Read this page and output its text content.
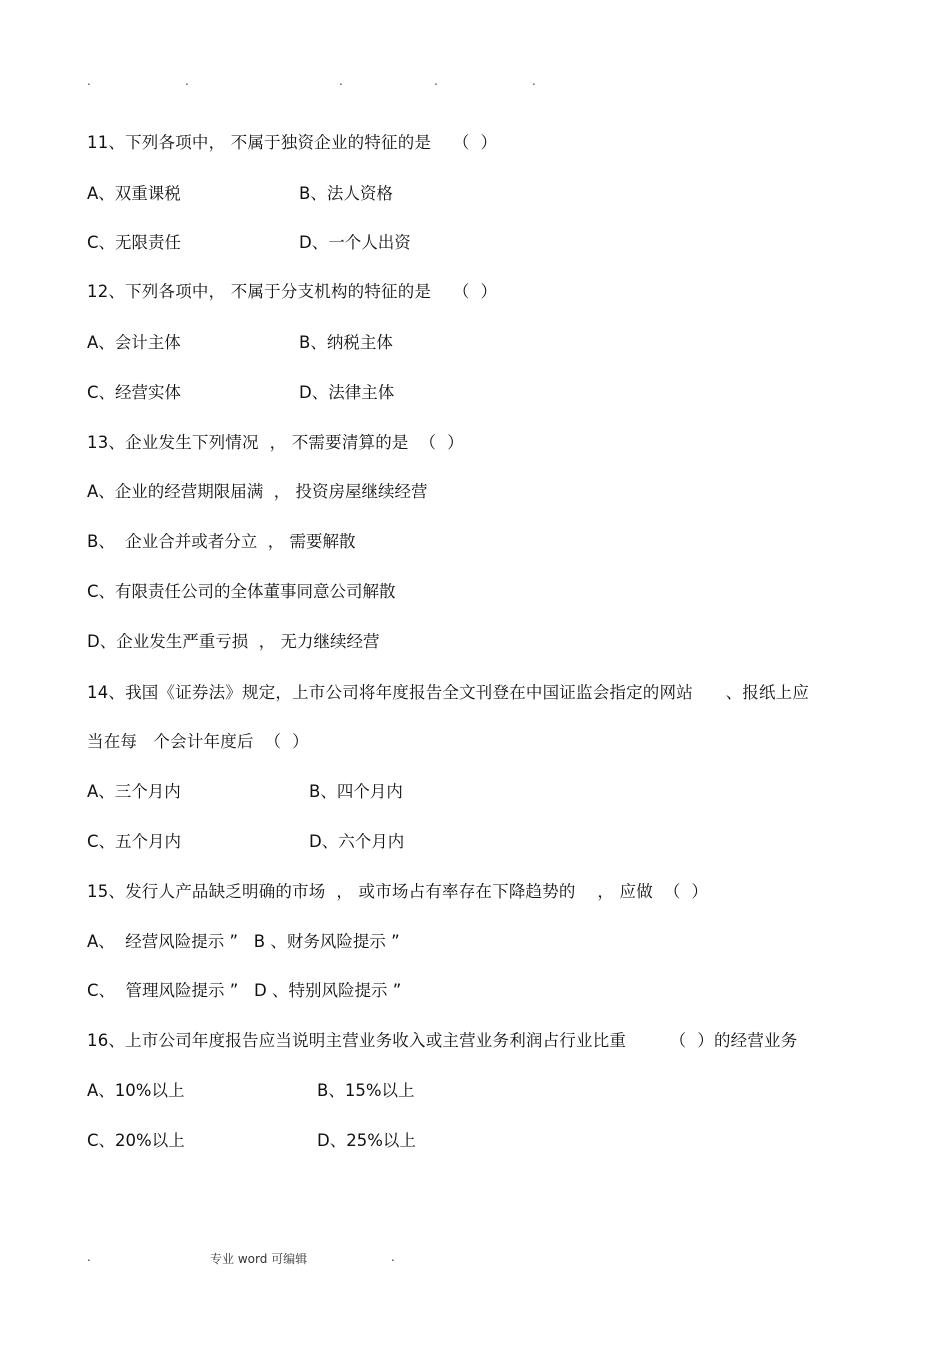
.	.	.	.	.
11、下列各项中， 不属于独资企业的特征的是    （  ）
A、双重课税	B、法人资格
C、无限责任	D、一个人出资
12、下列各项中， 不属于分支机构的特征的是    （  ）
A、会计主体	B、纳税主体
C、经营实体	D、法律主体
13、企业发生下列情况  ， 不需要清算的是  （  ）
A、企业的经营期限届满  ， 投资房屋继续经营
B、  企业合并或者分立  ， 需要解散
C、有限责任公司的全体董事同意公司解散
D、企业发生严重亏损  ， 无力继续经营
14、我国《证券法》规定，上市公司将年度报告全文刊登在中国证监会指定的网站      、报纸上应
当在每   个会计年度后  （  ）
A、三个月内	B、四个月内
C、五个月内	D、六个月内
15、发行人产品缺乏明确的市场  ， 或市场占有率存在下降趋势的    ， 应做  （  ）
A、  经营风险提示 ”   B 、财务风险提示 ”
C、  管理风险提示 ”   D 、特别风险提示 ”
16、上市公司年度报告应当说明主营业务收入或主营业务利润占行业比重        （  ）的经营业务
A、10%以上	B、15%以上
C、20%以上	D、25%以上
.	专业 word 可编辑	.
